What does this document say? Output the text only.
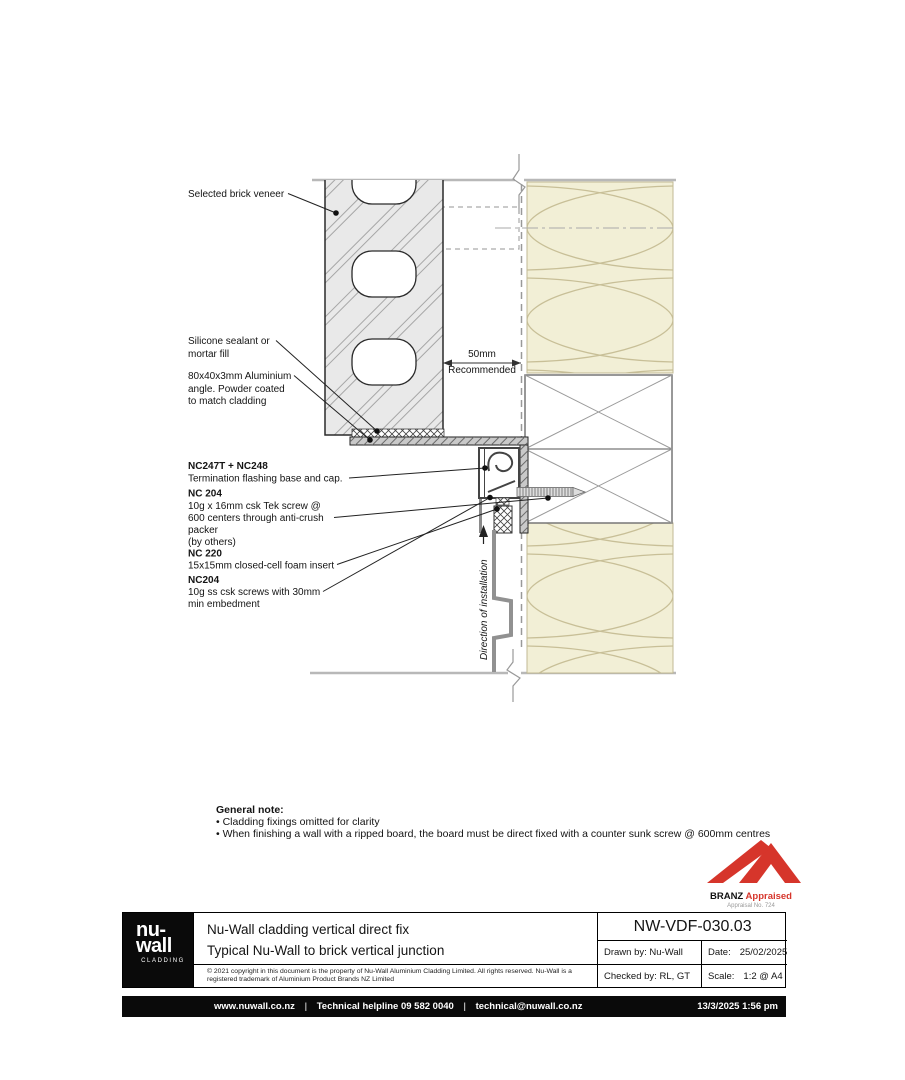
Selected brick veneer
Silicone sealant or
mortar fill
80x40x3mm Aluminium
angle. Powder coated
to match cladding
NC247T + NC248
Termination flashing base and cap.
NC 204
10g x 16mm csk Tek screw @
600 centers through anti-crush
packer
(by others)
NC 220
15x15mm closed-cell foam insert
NC204
10g ss csk screws with 30mm
min embedment
50mm
Recommended
Direction of installation
General note:
• Cladding fixings omitted for clarity
• When finishing a wall with a ripped board, the board must be direct fixed with a counter sunk screw @ 600mm centres
BRANZ Appraised
Appraisal No. 724
nu-
wall
CLADDING
Nu-Wall cladding vertical direct fix
Typical Nu-Wall to brick vertical junction
© 2021 copyright in this document is the property of Nu-Wall Aluminium Cladding Limited. All rights reserved. Nu-Wall is a
registered trademark of Aluminium Product Brands NZ Limited
NW-VDF-030.03
Drawn by:
Nu-Wall	Date: 25/02/2025
Checked by:
RL, GT Scale: 1:2 @ A4
www.nuwall.co.nz | Technical helpline 09 582 0040 | technical@nuwall.co.nz	13/3/2025 1:56 pm
